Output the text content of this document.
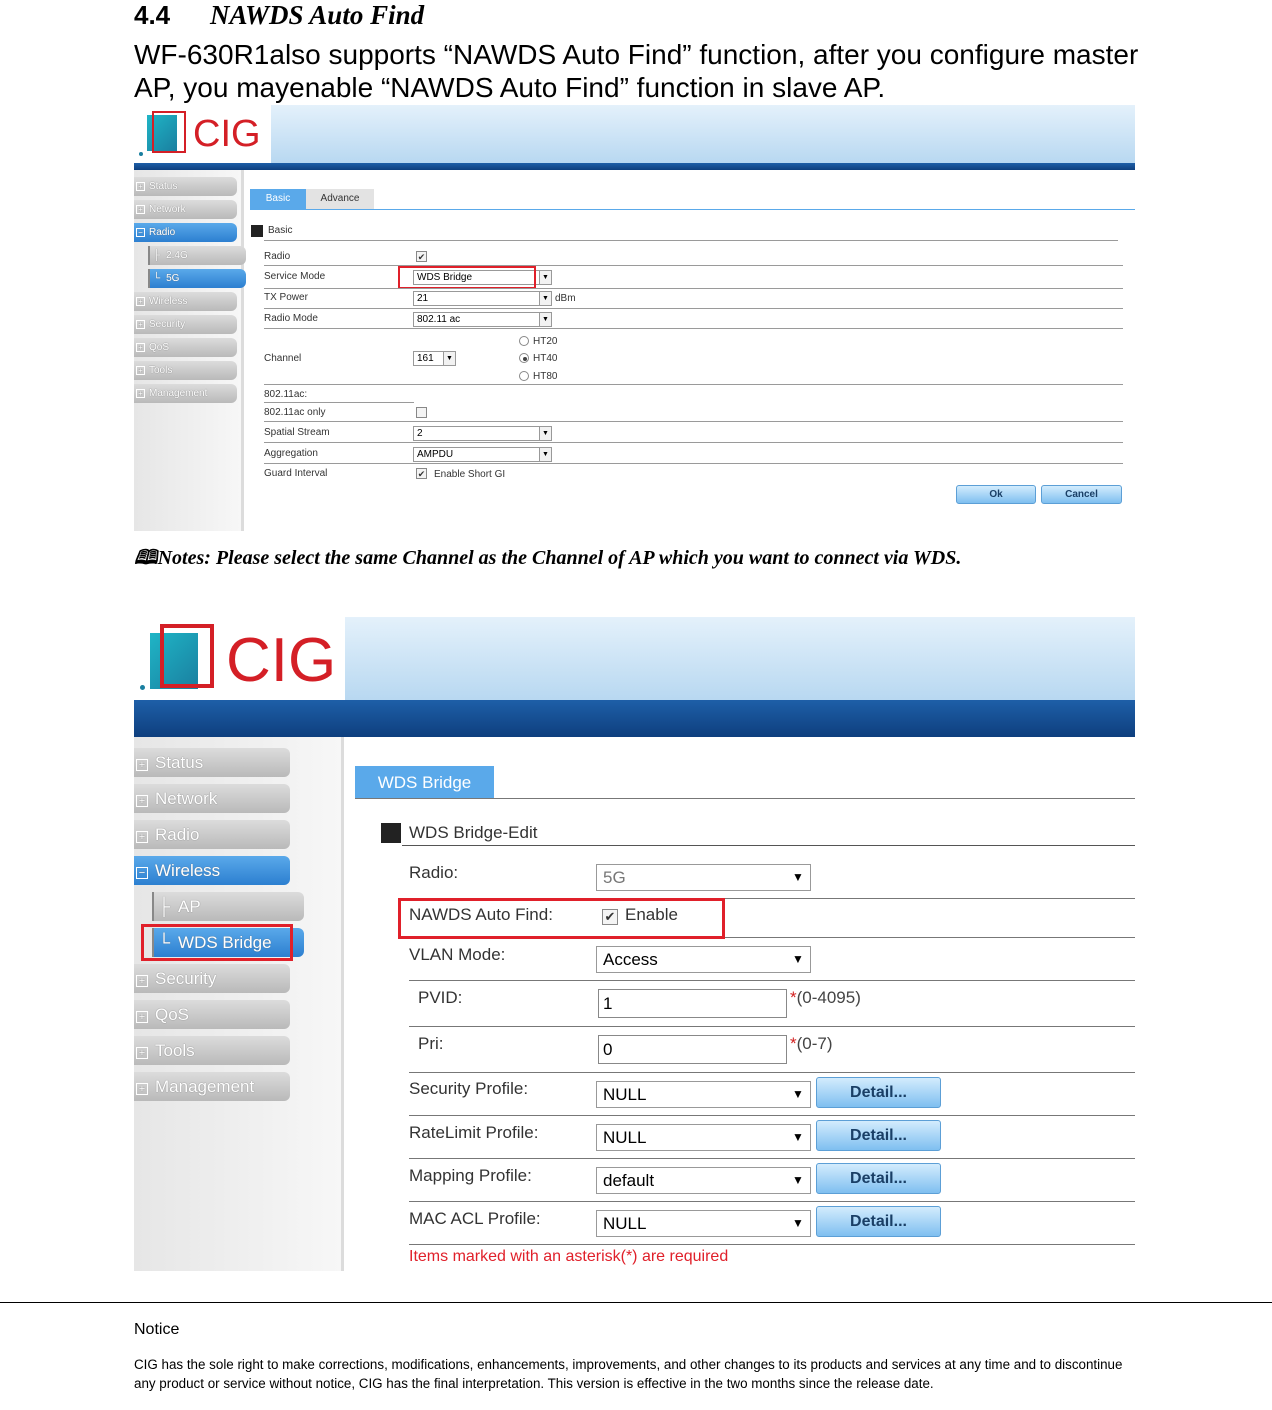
4.4 NAWDS Auto Find
WF-630R1also supports “NAWDS Auto Find” function, after you configure master AP, you mayenable “NAWDS Auto Find” function in slave AP.
CIG
+ Status
+ Network
− Radio
├ 2.4G
└ 5G
+ Wireless
+ Security
+ QoS
+ Tools
+ Management
Basic	Advance
Basic
Radio	✔
Service Mode	WDS Bridge	▼
TX Power	21	▼ dBm
Radio Mode	802.11 ac	▼
Channel	161	▼
HT20
HT40
HT80
802.11ac:
802.11ac only
Spatial Stream	2	▼
Aggregation	AMPDU	▼
Guard Interval	✔ Enable Short GI
Ok	Cancel
🕮Notes: Please select the same Channel as the Channel of AP which you want to connect via WDS.
CIG
+ Status
+ Network
+ Radio
− Wireless
├ AP
└ WDS Bridge
+ Security
+ QoS
+ Tools
+ Management
WDS Bridge
WDS Bridge-Edit
Radio:	5G	▼
NAWDS Auto Find:	✔ Enable
VLAN Mode:	Access	▼
PVID:	1	*(0-4095)
Pri:	0	*(0-7)
Security Profile:	NULL	▼	Detail...
RateLimit Profile:	NULL	▼	Detail...
Mapping Profile:	default	▼	Detail...
MAC ACL Profile:	NULL	▼	Detail...
Items marked with an asterisk(*) are required
Notice
CIG has the sole right to make corrections, modifications, enhancements, improvements, and other changes to its products and services at any time and to discontinue any product or service without notice, CIG has the final interpretation. This version is effective in the two months since the release date.
